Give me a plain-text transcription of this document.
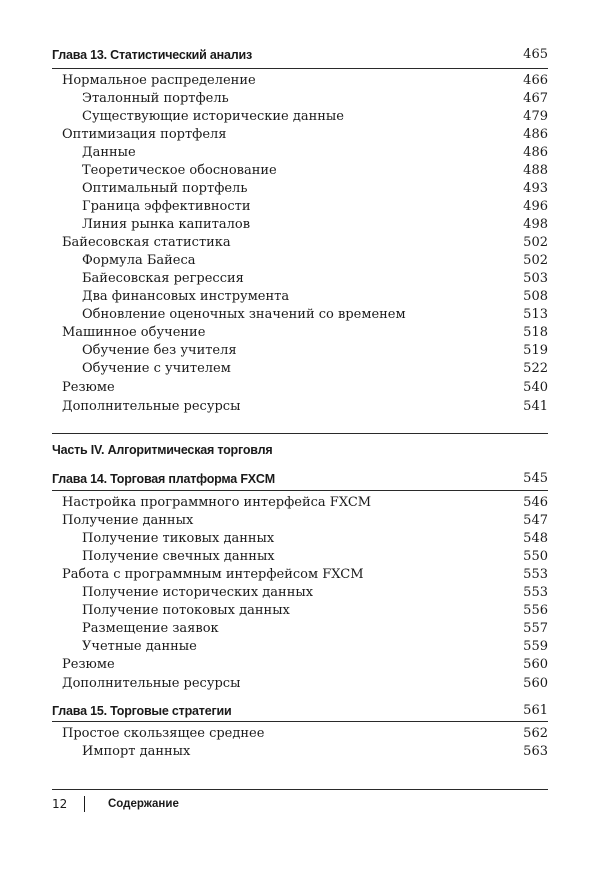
Глава 13. Статистический анализ	465
Нормальное распределение	466
Эталонный портфель	467
Существующие исторические данные	479
Оптимизация портфеля	486
Данные	486
Теоретическое обоснование	488
Оптимальный портфель	493
Граница эффективности	496
Линия рынка капиталов	498
Байесовская статистика	502
Формула Байеса	502
Байесовская регрессия	503
Два финансовых инструмента	508
Обновление оценочных значений со временем	513
Машинное обучение	518
Обучение без учителя	519
Обучение с учителем	522
Резюме	540
Дополнительные ресурсы	541
Часть IV. Алгоритмическая торговля
Глава 14. Торговая платформа FXCM	545
Настройка программного интерфейса FXCM	546
Получение данных	547
Получение тиковых данных	548
Получение свечных данных	550
Работа с программным интерфейсом FXCM	553
Получение исторических данных	553
Получение потоковых данных	556
Размещение заявок	557
Учетные данные	559
Резюме	560
Дополнительные ресурсы	560
Глава 15. Торговые стратегии	561
Простое скользящее среднее	562
Импорт данных	563
12	Содержание
